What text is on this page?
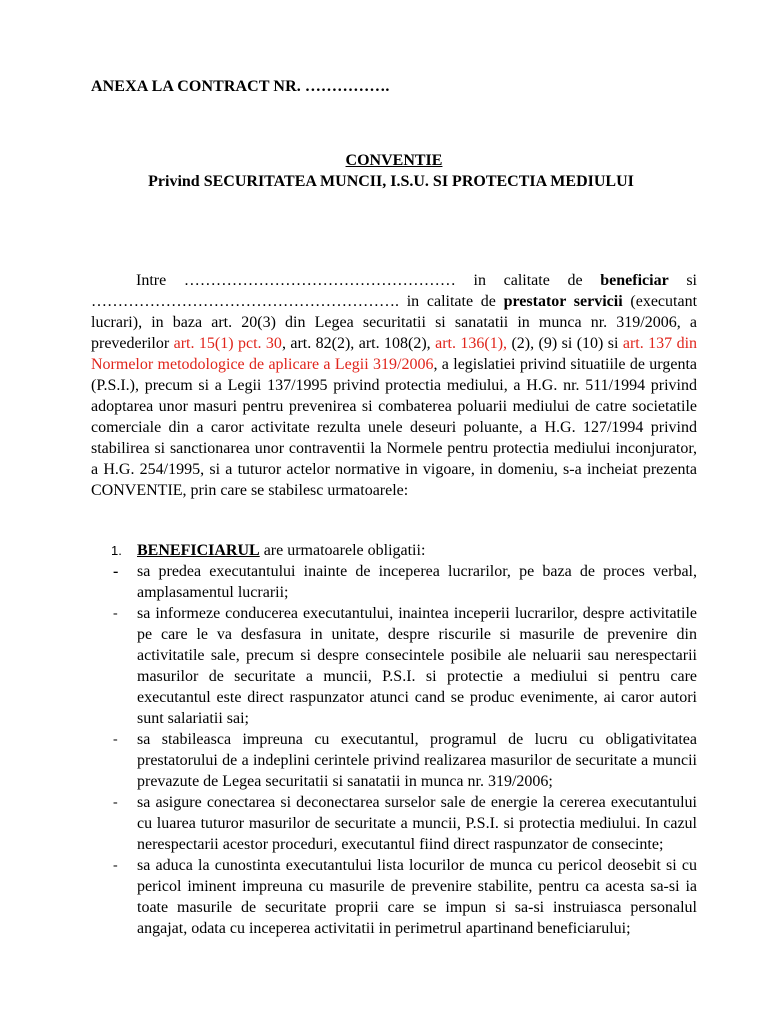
ANEXA LA CONTRACT NR. …………….
CONVENTIE
Privind SECURITATEA MUNCII, I.S.U. SI PROTECTIA MEDIULUI
Intre …………………………………………… in calitate de beneficiar si …………………………………………………. in calitate de prestator servicii (executant lucrari), in baza art. 20(3) din Legea securitatii si sanatatii in munca nr. 319/2006, a prevederilor art. 15(1) pct. 30, art. 82(2), art. 108(2), art. 136(1), (2), (9) si (10) si art. 137 din Normelor metodologice de aplicare a Legii 319/2006, a legislatiei privind situatiile de urgenta (P.S.I.), precum si a Legii 137/1995 privind protectia mediului, a H.G. nr. 511/1994 privind adoptarea unor masuri pentru prevenirea si combaterea poluarii mediului de catre societatile comerciale din a caror activitate rezulta unele deseuri poluante, a H.G. 127/1994 privind stabilirea si sanctionarea unor contraventii la Normele pentru protectia mediului inconjurator, a H.G. 254/1995, si a tuturor actelor normative in vigoare, in domeniu, s-a incheiat prezenta CONVENTIE, prin care se stabilesc urmatoarele:
1. BENEFICIARUL are urmatoarele obligatii:
- sa predea executantului inainte de inceperea lucrarilor, pe baza de proces verbal, amplasamentul lucrarii;
- sa informeze conducerea executantului, inaintea inceperii lucrarilor, despre activitatile pe care le va desfasura in unitate, despre riscurile si masurile de prevenire din activitatile sale, precum si despre consecintele posibile ale neluarii sau nerespectarii masurilor de securitate a muncii, P.S.I. si protectie a mediului si pentru care executantul este direct raspunzator atunci cand se produc evenimente, ai caror autori sunt salariatii sai;
- sa stabileasca impreuna cu executantul, programul de lucru cu obligativitatea prestatorului de a indeplini cerintele privind realizarea masurilor de securitate a muncii prevazute de Legea securitatii si sanatatii in munca nr. 319/2006;
- sa asigure conectarea si deconectarea surselor sale de energie la cererea executantului cu luarea tuturor masurilor de securitate a muncii, P.S.I. si protectia mediului. In cazul nerespectarii acestor proceduri, executantul fiind direct raspunzator de consecinte;
- sa aduca la cunostinta executantului lista locurilor de munca cu pericol deosebit si cu pericol iminent impreuna cu masurile de prevenire stabilite, pentru ca acesta sa-si ia toate masurile de securitate proprii care se impun si sa-si instruiasca personalul angajat, odata cu inceperea activitatii in perimetrul apartinand beneficiarului;
